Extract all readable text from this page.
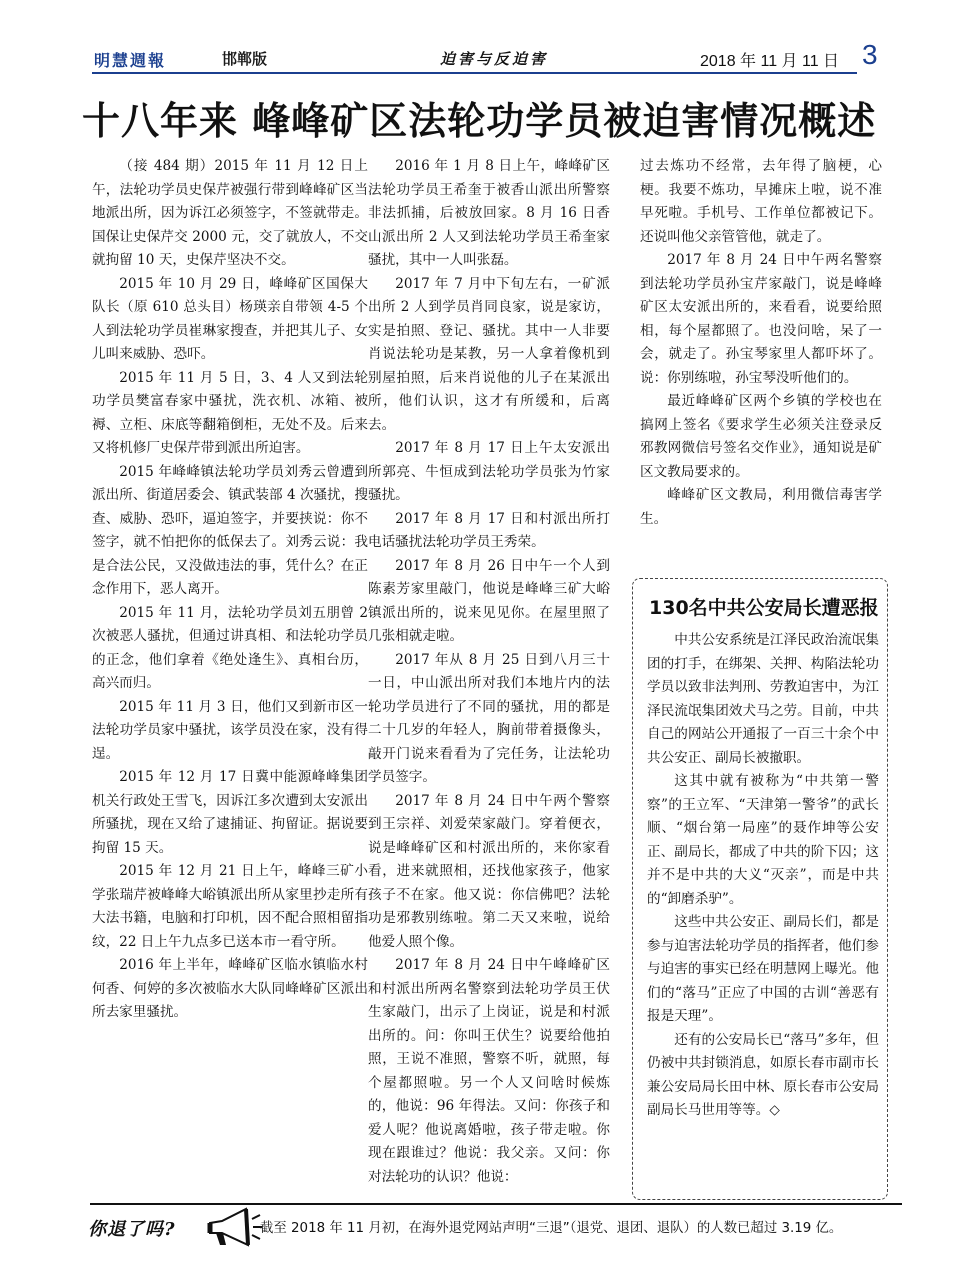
明慧週報	邯郸版	迫害与反迫害	2018 年 11 月 11 日 3
十八年来 峰峰矿区法轮功学员被迫害情况概述

（接 484 期）2015 年 11 月 12 日上午，法轮功学员史保芹被强行带到峰峰矿区当地派出所，因为诉江必须签字，不签就带走。国保让史保芹交 2000 元，交了就放人，不交就拘留 10 天，史保芹坚决不交。

2015 年 10 月 29 日，峰峰矿区国保大队长（原 610 总头目）杨瑛亲自带领 4-5 个人到法轮功学员崔琳家搜查，并把其儿子、女儿叫来威胁、恐吓。

2015 年 11 月 5 日，3、4 人又到法轮功学员樊富春家中骚扰，洗衣机、冰箱、被褥、立柜、床底等翻箱倒柜，无处不及。后来又将机修厂史保芹带到派出所迫害。

2015 年峰峰镇法轮功学员刘秀云曾遭到派出所、街道居委会、镇武装部 4 次骚扰，搜查、威胁、恐吓，逼迫签字，并要挟说：你不签字，就不怕把你的低保去了。刘秀云说：我是合法公民，又没做违法的事，凭什么？在正念作用下，恶人离开。

2015 年 11 月，法轮功学员刘五朋曾 2 次被恶人骚扰，但通过讲真相、和法轮功学员的正念，他们拿着《绝处逢生》、真相台历，高兴而归。

2015 年 11 月 3 日，他们又到新市区一法轮功学员家中骚扰，该学员没在家，没有得逞。

2015 年 12 月 17 日冀中能源峰峰集团机关行政处王雪飞，因诉江多次遭到太安派出所骚扰，现在又给了逮捕证、拘留证。据说要拘留 15 天。

2015 年 12 月 21 日上午，峰峰三矿小学张瑞芹被峰峰大峪镇派出所从家里抄走所有大法书籍，电脑和打印机，因不配合照相留指纹，22 日上午九点多已送本市一看守所。

2016 年上半年，峰峰矿区临水镇临水村何香、何婷的多次被临水大队同峰峰矿区派出所去家里骚扰。

2016 年 1 月 8 日上午，峰峰矿区法轮功学员王希奎于被香山派出所警察非法抓捕，后被放回家。8 月 16 日香山派出所 2 人又到法轮功学员王希奎家骚扰，其中一人叫张磊。

2017 年 7 月中下旬左右，一矿派出所 2 人到学员肖同良家，说是家访，实是拍照、登记、骚扰。其中一人非要肖说法轮功是某教，另一人拿着像机到别屋拍照，后来肖说他的儿子在某派出所，他们认识，这才有所缓和，后离去。

2017 年 8 月 17 日上午太安派出所郭亮、牛恒成到法轮功学员张为竹家骚扰。

2017 年 8 月 17 日和村派出所打电话骚扰法轮功学员王秀荣。

2017 年 8 月 26 日中午一个人到陈素芳家里敲门，他说是峰峰三矿大峪镇派出所的，说来见见你。在屋里照了几张相就走啦。

2017 年从 8 月 25 日到八月三十一日，中山派出所对我们本地片内的法轮功学员进行了不同的骚扰，用的都是二十几岁的年轻人，胸前带着摄像头，敲开门说来看看为了完任务，让法轮功学员签字。

2017 年 8 月 24 日中午两个警察到王宗祥、刘爱荣家敲门。穿着便衣，说是峰峰矿区和村派出所的，来你家看看，进来就照相，还找他家孩子，他家孩子不在家。他又说：你信佛吧？法轮功是邪教别练啦。第二天又来啦，说给他爱人照个像。

2017 年 8 月 24 日中午峰峰矿区和村派出所两名警察到法轮功学员王伏生家敲门，出示了上岗证，说是和村派出所的。问：你叫王伏生？说要给他拍照，王说不准照，警察不听，就照，每个屋都照啦。另一个人又问啥时候炼的，他说：96 年得法。又问：你孩子和爱人呢？他说离婚啦，孩子带走啦。你现在跟谁过？他说：我父亲。又问：你对法轮功的认识？他说：

过去炼功不经常，去年得了脑梗，心梗。我要不炼功，早摊床上啦，说不准早死啦。手机号、工作单位都被记下。还说叫他父亲管管他，就走了。

2017 年 8 月 24 日中午两名警察到法轮功学员孙宝芹家敲门，说是峰峰矿区太安派出所的，来看看，说要给照相，每个屋都照了。也没问啥，呆了一会，就走了。孙宝琴家里人都吓坏了。说：你别练啦，孙宝琴没听他们的。

最近峰峰矿区两个乡镇的学校也在搞网上签名《要求学生必须关注登录反邪教网微信号签名交作业》，通知说是矿区文教局要求的。

峰峰矿区文教局，利用微信毒害学生。

130名中共公安局长遭恶报

中共公安系统是江泽民政治流氓集团的打手，在绑架、关押、构陷法轮功学员以致非法判刑、劳教迫害中，为江泽民流氓集团效犬马之劳。目前，中共自己的网站公开通报了一百三十余个中共公安正、副局长被撤职。

这其中就有被称为“中共第一警察”的王立军、“天津第一警爷”的武长顺、“烟台第一局座”的聂作坤等公安正、副局长，都成了中共的阶下囚；这并不是中共的大义“灭亲”，而是中共的“卸磨杀驴”。

这些中共公安正、副局长们，都是参与迫害法轮功学员的指挥者，他们参与迫害的事实已经在明慧网上曝光。他们的“落马”正应了中国的古训“善恶有报是天理”。

还有的公安局长已“落马”多年，但仍被中共封锁消息，如原长春市副市长兼公安局局长田中林、原长春市公安局副局长马世用等等。◇

你退了吗?	截至 2018 年 11 月初，在海外退党网站声明“三退”（退党、退团、退队）的人数已超过 3.19 亿。
